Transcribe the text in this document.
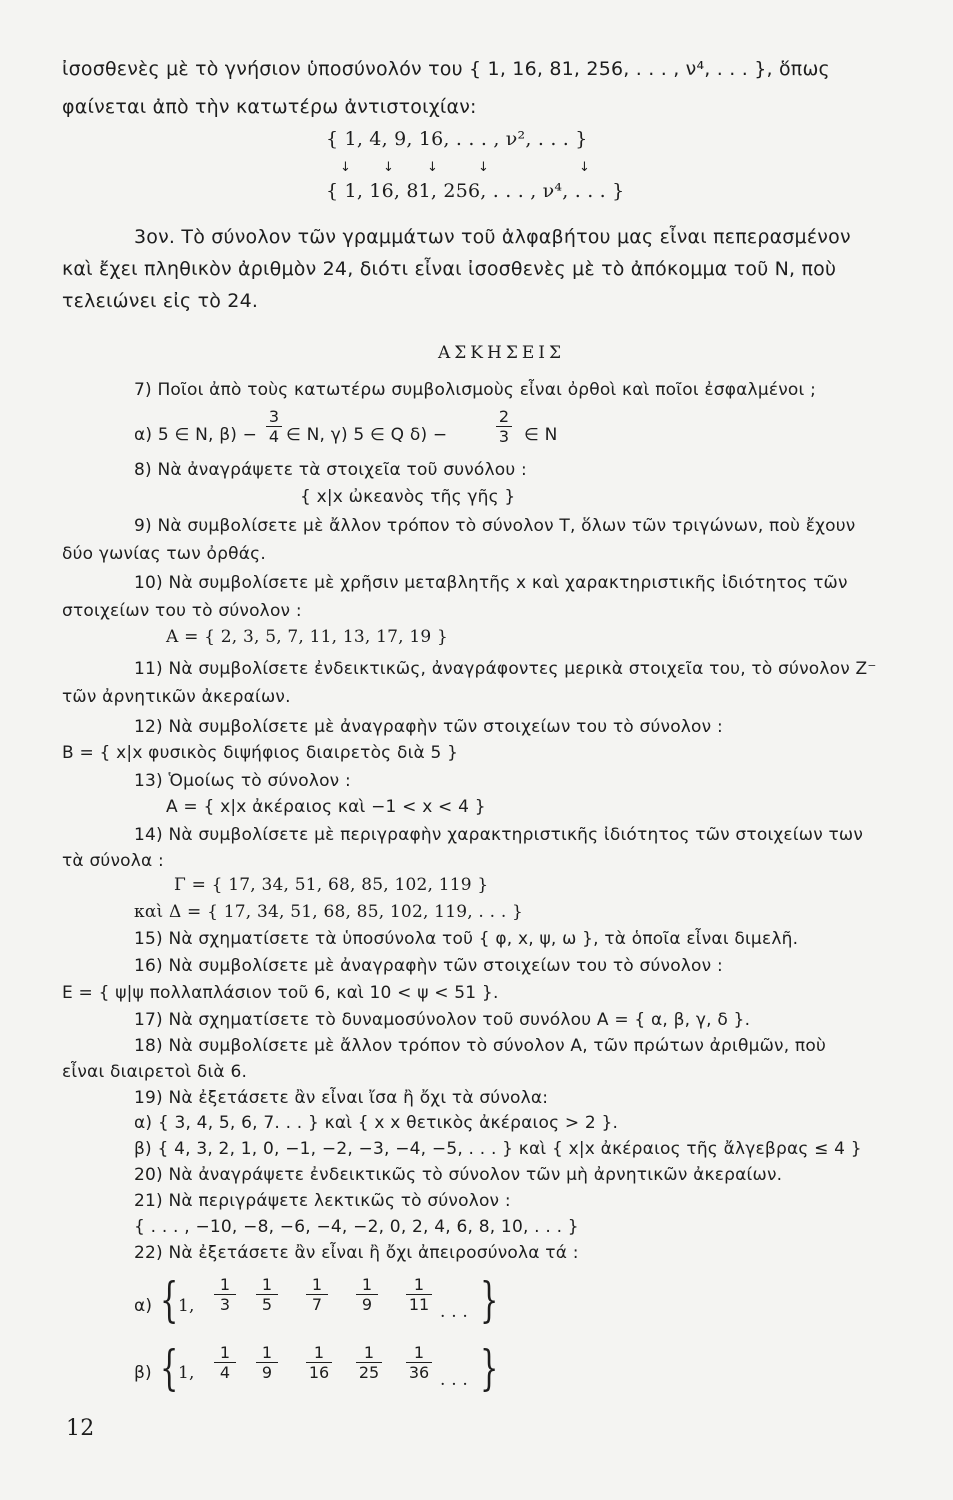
ἰσοσθενὲς μὲ τὸ γνήσιον ὑποσύνολόν του { 1, 16, 81, 256, . . . , ν⁴, . . . }, ὅπως
φαίνεται ἀπὸ τὴν κατωτέρω ἀντιστοιχίαν:
{ 1, 4, 9, 16, . . . , ν², . . . }
↓ ↓	↓	↓	↓
{ 1, 16, 81, 256, . . . , ν⁴, . . . }
3ον. Τὸ σύνολον τῶν γραμμάτων τοῦ ἀλφαβήτου μας εἶναι πεπερασμένον
καὶ ἔχει πληθικὸν ἀριθμὸν 24, διότι εἶναι ἰσοσθενὲς μὲ τὸ ἀπόκομμα τοῦ Ν, ποὺ
τελειώνει εἰς τὸ 24.
ΑΣΚΗΣΕΙΣ
7) Ποῖοι ἀπὸ τοὺς κατωτέρω συμβολισμοὺς εἶναι ὀρθοὶ καὶ ποῖοι ἐσφαλμένοι ;
α) 5 ∈ Ν, β) −
3
4 ∈ Ν, γ) 5 ∈ Q δ) −
2
3 ∈ Ν
8) Νὰ ἀναγράψετε τὰ στοιχεῖα τοῦ συνόλου :
{ x|x ὠκεανὸς τῆς γῆς }
9) Νὰ συμβολίσετε μὲ ἄλλον τρόπον τὸ σύνολον Τ, ὅλων τῶν τριγώνων, ποὺ ἔχουν
δύο γωνίας των ὀρθάς.
10) Νὰ συμβολίσετε μὲ χρῆσιν μεταβλητῆς x καὶ χαρακτηριστικῆς ἰδιότητος τῶν
στοιχείων του τὸ σύνολον :
Α = { 2, 3, 5, 7, 11, 13, 17, 19 }
11) Νὰ συμβολίσετε ἐνδεικτικῶς, ἀναγράφοντες μερικὰ στοιχεῖα του, τὸ σύνολον Ζ⁻
τῶν ἀρνητικῶν ἀκεραίων.
12) Νὰ συμβολίσετε μὲ ἀναγραφὴν τῶν στοιχείων του τὸ σύνολον :
Β = { x|x φυσικὸς διψήφιος διαιρετὸς διὰ 5 }
13) Ὁμοίως τὸ σύνολον :
Α = { x|x ἀκέραιος καὶ −1 < x < 4 }
14) Νὰ συμβολίσετε μὲ περιγραφὴν χαρακτηριστικῆς ἰδιότητος τῶν στοιχείων των
τὰ σύνολα :
Γ = { 17, 34, 51, 68, 85, 102, 119 }
καὶ Δ = { 17, 34, 51, 68, 85, 102, 119, . . . }
15) Νὰ σχηματίσετε τὰ ὑποσύνολα τοῦ { φ, x, ψ, ω }, τὰ ὁποῖα εἶναι διμελῆ.
16) Νὰ συμβολίσετε μὲ ἀναγραφὴν τῶν στοιχείων του τὸ σύνολον :
Ε = { ψ|ψ πολλαπλάσιον τοῦ 6, καὶ 10 < ψ < 51 }.
17) Νὰ σχηματίσετε τὸ δυναμοσύνολον τοῦ συνόλου Α = { α, β, γ, δ }.
18) Νὰ συμβολίσετε μὲ ἄλλον τρόπον τὸ σύνολον Α, τῶν πρώτων ἀριθμῶν, ποὺ
εἶναι διαιρετοὶ διὰ 6.
19) Νὰ ἐξετάσετε ἂν εἶναι ἴσα ἢ ὄχι τὰ σύνολα:
α) { 3, 4, 5, 6, 7. . . } καὶ { x x θετικὸς ἀκέραιος > 2 }.
β) { 4, 3, 2, 1, 0, −1, −2, −3, −4, −5, . . . } καὶ { x|x ἀκέραιος τῆς ἄλγεβρας ≤ 4 }
20) Νὰ ἀναγράψετε ἐνδεικτικῶς τὸ σύνολον τῶν μὴ ἀρνητικῶν ἀκεραίων.
21) Νὰ περιγράψετε λεκτικῶς τὸ σύνολον :
{ . . . , −10, −8, −6, −4, −2, 0, 2, 4, 6, 8, 10, . . . }
22) Νὰ ἐξετάσετε ἂν εἶναι ἢ ὄχι ἀπειροσύνολα τά :
α) { 1,
1
3
1
5
1
7
1
9
1
11 . . . }
β) { 1,
1
4
1
9
1
16
1
25
1
36 . . . }
12
